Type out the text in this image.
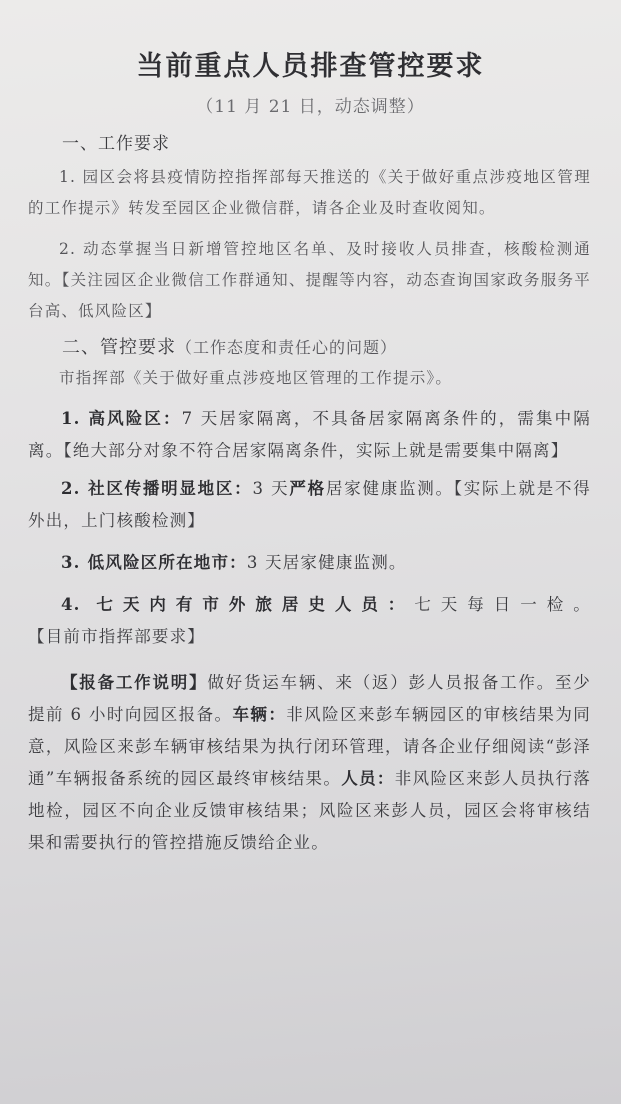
当前重点人员排查管控要求
（11 月 21 日，动态调整）

一、工作要求

1. 园区会将县疫情防控指挥部每天推送的《关于做好重点涉疫地区管理的工作提示》转发至园区企业微信群，请各企业及时查收阅知。

2. 动态掌握当日新增管控地区名单、及时接收人员排查，核酸检测通知。【关注园区企业微信工作群通知、提醒等内容，动态查询国家政务服务平台高、低风险区】

二、管控要求（工作态度和责任心的问题）

市指挥部《关于做好重点涉疫地区管理的工作提示》。

1. 高风险区：7 天居家隔离，不具备居家隔离条件的，需集中隔离。【绝大部分对象不符合居家隔离条件，实际上就是需要集中隔离】

2. 社区传播明显地区：3 天严格居家健康监测。【实际上就是不得外出，上门核酸检测】

3. 低风险区所在地市：3 天居家健康监测。

4. 七天内有市外旅居史人员：七天每日一检。【目前市指挥部要求】

【报备工作说明】做好货运车辆、来（返）彭人员报备工作。至少提前 6 小时向园区报备。车辆：非风险区来彭车辆园区的审核结果为同意，风险区来彭车辆审核结果为执行闭环管理，请各企业仔细阅读“彭泽通”车辆报备系统的园区最终审核结果。人员：非风险区来彭人员执行落地检，园区不向企业反馈审核结果；风险区来彭人员，园区会将审核结果和需要执行的管控措施反馈给企业。
